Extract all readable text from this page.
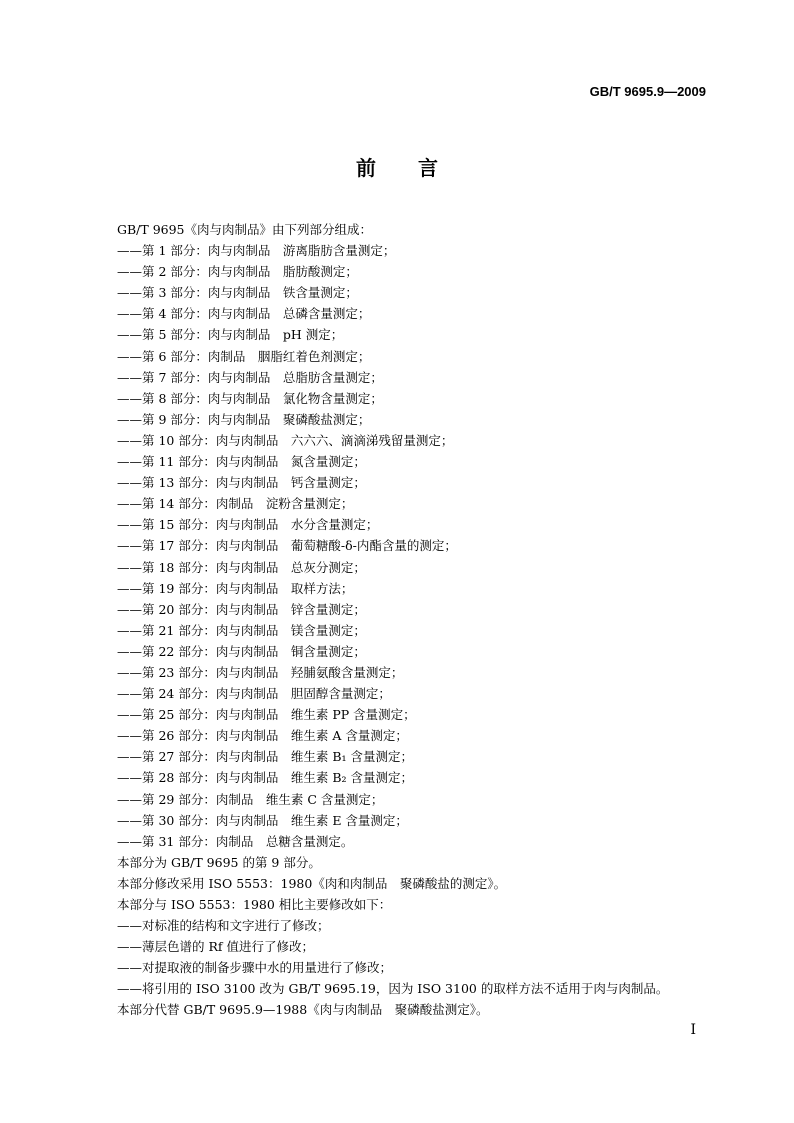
GB/T 9695.9—2009
前言
GB/T 9695《肉与肉制品》由下列部分组成：
——第 1 部分：肉与肉制品　游离脂肪含量测定；
——第 2 部分：肉与肉制品　脂肪酸测定；
——第 3 部分：肉与肉制品　铁含量测定；
——第 4 部分：肉与肉制品　总磷含量测定；
——第 5 部分：肉与肉制品　pH 测定；
——第 6 部分：肉制品　胭脂红着色剂测定；
——第 7 部分：肉与肉制品　总脂肪含量测定；
——第 8 部分：肉与肉制品　氯化物含量测定；
——第 9 部分：肉与肉制品　聚磷酸盐测定；
——第 10 部分：肉与肉制品　六六六、滴滴涕残留量测定；
——第 11 部分：肉与肉制品　氮含量测定；
——第 13 部分：肉与肉制品　钙含量测定；
——第 14 部分：肉制品　淀粉含量测定；
——第 15 部分：肉与肉制品　水分含量测定；
——第 17 部分：肉与肉制品　葡萄糖酸-δ-内酯含量的测定；
——第 18 部分：肉与肉制品　总灰分测定；
——第 19 部分：肉与肉制品　取样方法；
——第 20 部分：肉与肉制品　锌含量测定；
——第 21 部分：肉与肉制品　镁含量测定；
——第 22 部分：肉与肉制品　铜含量测定；
——第 23 部分：肉与肉制品　羟脯氨酸含量测定；
——第 24 部分：肉与肉制品　胆固醇含量测定；
——第 25 部分：肉与肉制品　维生素 PP 含量测定；
——第 26 部分：肉与肉制品　维生素 A 含量测定；
——第 27 部分：肉与肉制品　维生素 B₁ 含量测定；
——第 28 部分：肉与肉制品　维生素 B₂ 含量测定；
——第 29 部分：肉制品　维生素 C 含量测定；
——第 30 部分：肉与肉制品　维生素 E 含量测定；
——第 31 部分：肉制品　总糖含量测定。
本部分为 GB/T 9695 的第 9 部分。
本部分修改采用 ISO 5553：1980《肉和肉制品　聚磷酸盐的测定》。
本部分与 ISO 5553：1980 相比主要修改如下：
——对标准的结构和文字进行了修改；
——薄层色谱的 Rf 值进行了修改；
——对提取液的制备步骤中水的用量进行了修改；
——将引用的 ISO 3100 改为 GB/T 9695.19，因为 ISO 3100 的取样方法不适用于肉与肉制品。
本部分代替 GB/T 9695.9—1988《肉与肉制品　聚磷酸盐测定》。
I
